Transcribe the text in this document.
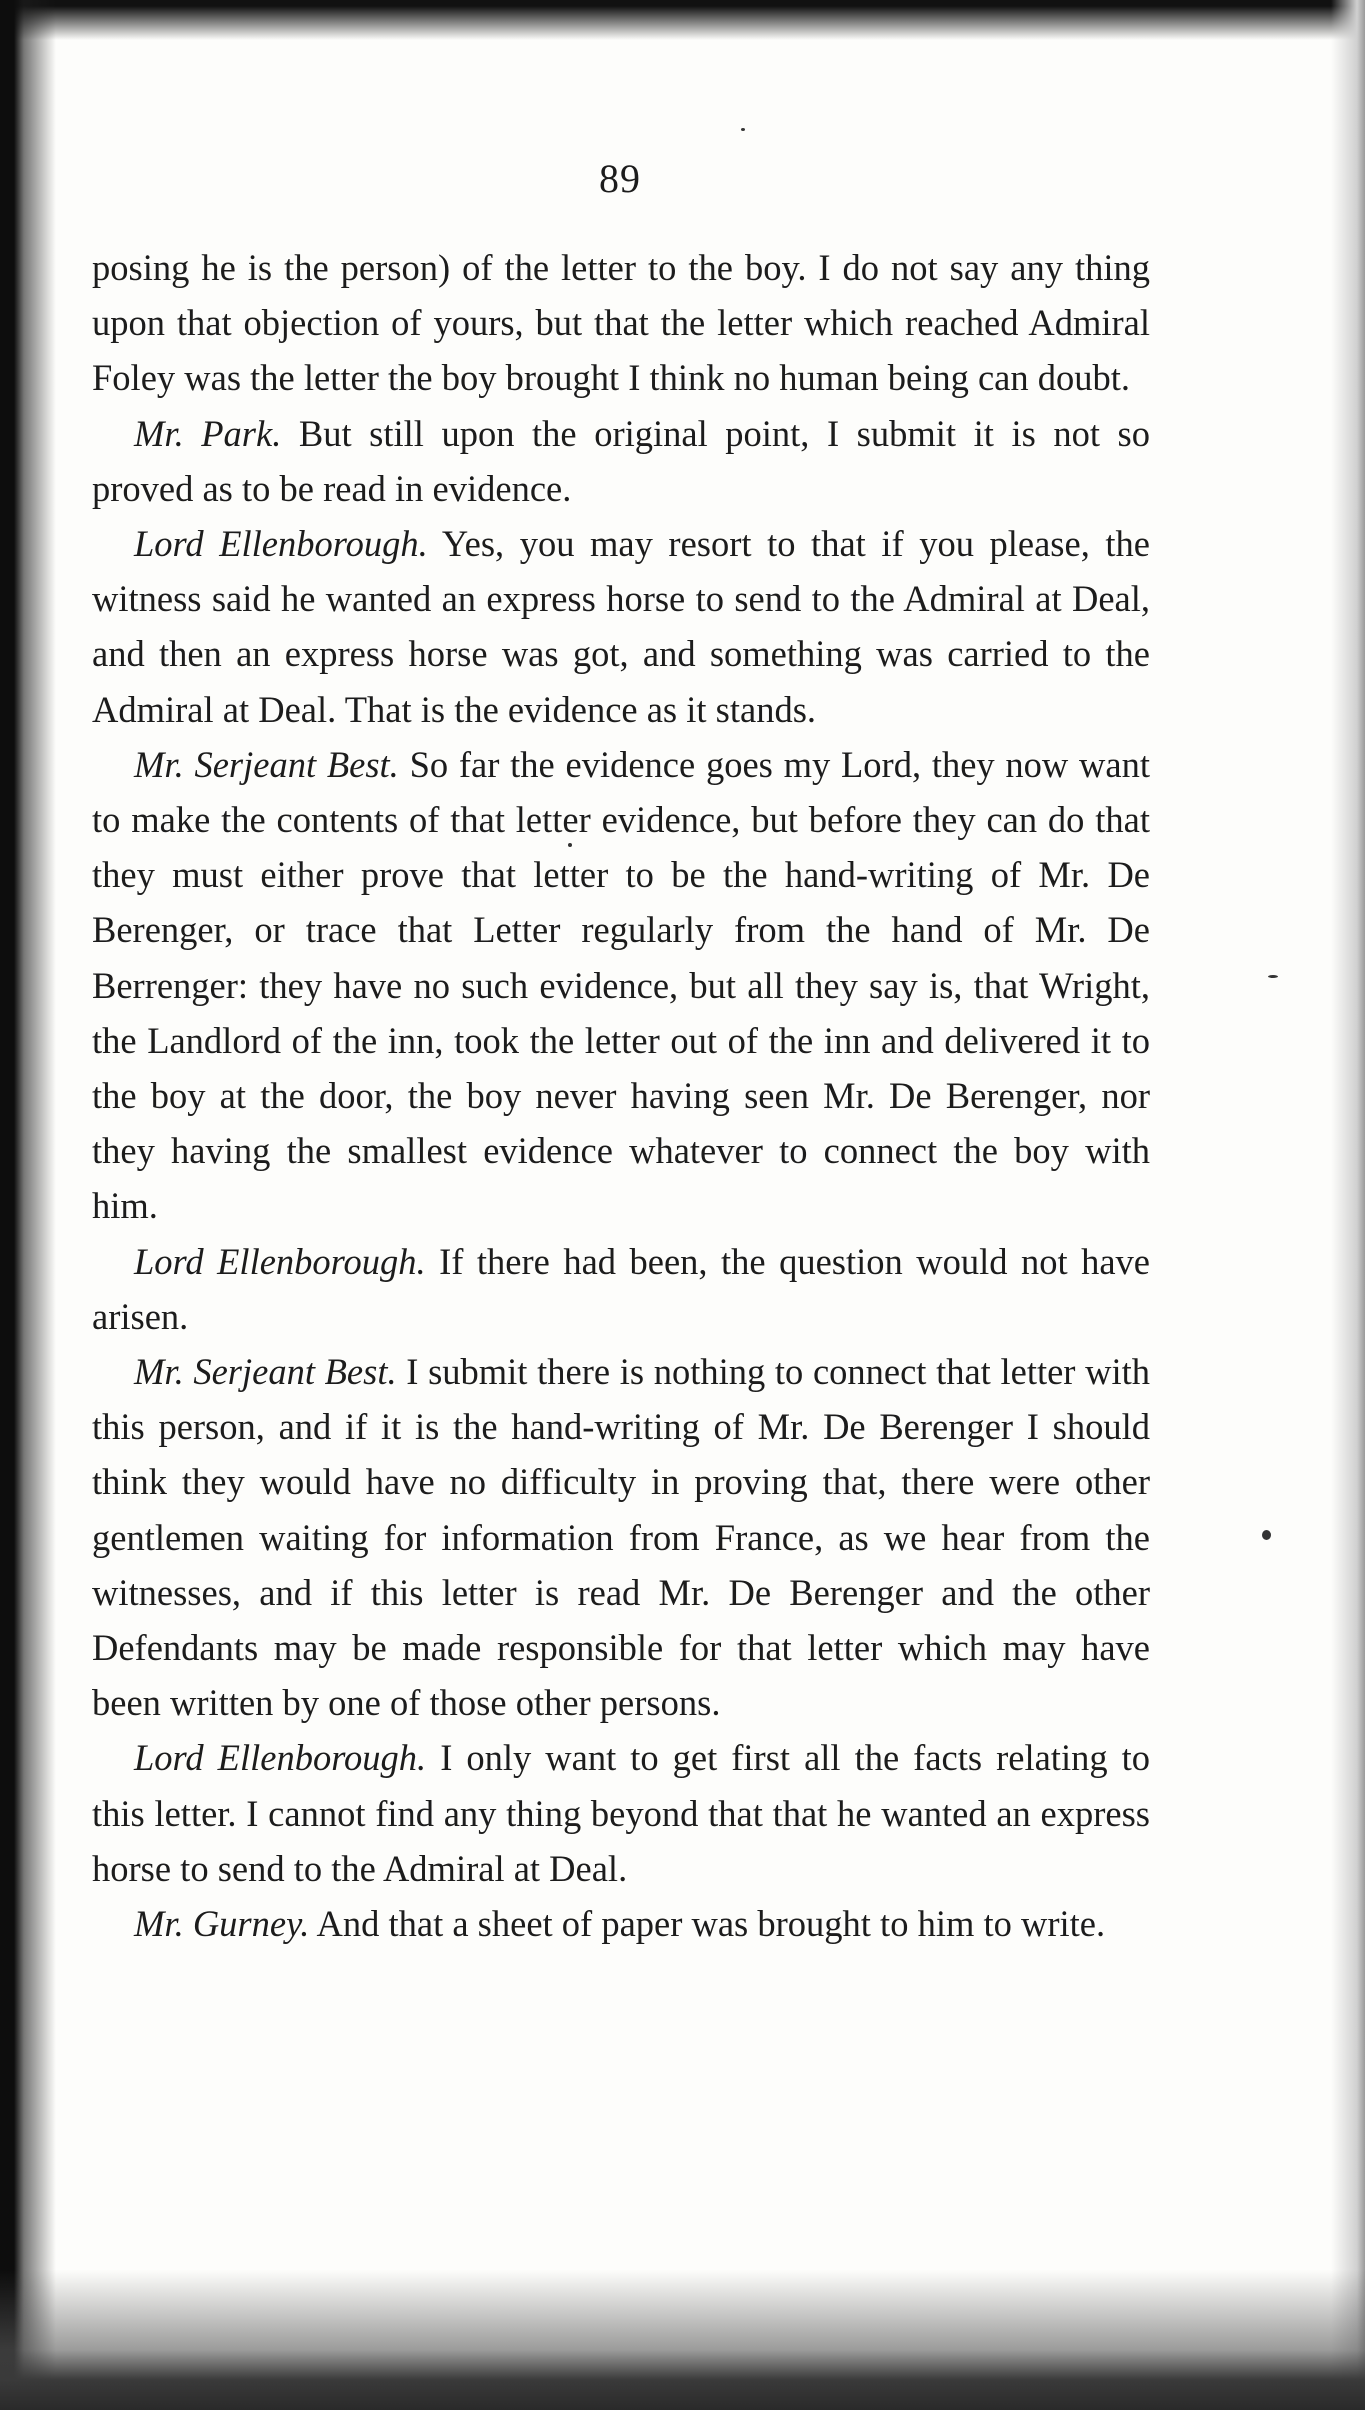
89

posing he is the person) of the letter to the boy. I do not say any thing upon that objection of yours, but that the letter which reached Admiral Foley was the letter the boy brought I think no human being can doubt.

Mr. Park. But still upon the original point, I submit it is not so proved as to be read in evidence.

Lord Ellenborough. Yes, you may resort to that if you please, the witness said he wanted an express horse to send to the Admiral at Deal, and then an express horse was got, and something was carried to the Admiral at Deal. That is the evidence as it stands.

Mr. Serjeant Best. So far the evidence goes my Lord, they now want to make the contents of that letter evidence, but before they can do that they must either prove that letter to be the hand-writing of Mr. De Berenger, or trace that Letter regularly from the hand of Mr. De Berrenger: they have no such evidence, but all they say is, that Wright, the Landlord of the inn, took the letter out of the inn and delivered it to the boy at the door, the boy never having seen Mr. De Berenger, nor they having the smallest evidence whatever to connect the boy with him.

Lord Ellenborough. If there had been, the question would not have arisen.

Mr. Serjeant Best. I submit there is nothing to connect that letter with this person, and if it is the hand-writing of Mr. De Berenger I should think they would have no difficulty in proving that, there were other gentlemen waiting for information from France, as we hear from the witnesses, and if this letter is read Mr. De Berenger and the other Defendants may be made responsible for that letter which may have been written by one of those other persons.

Lord Ellenborough. I only want to get first all the facts relating to this letter. I cannot find any thing beyond that that he wanted an express horse to send to the Admiral at Deal.

Mr. Gurney. And that a sheet of paper was brought to him to write.
